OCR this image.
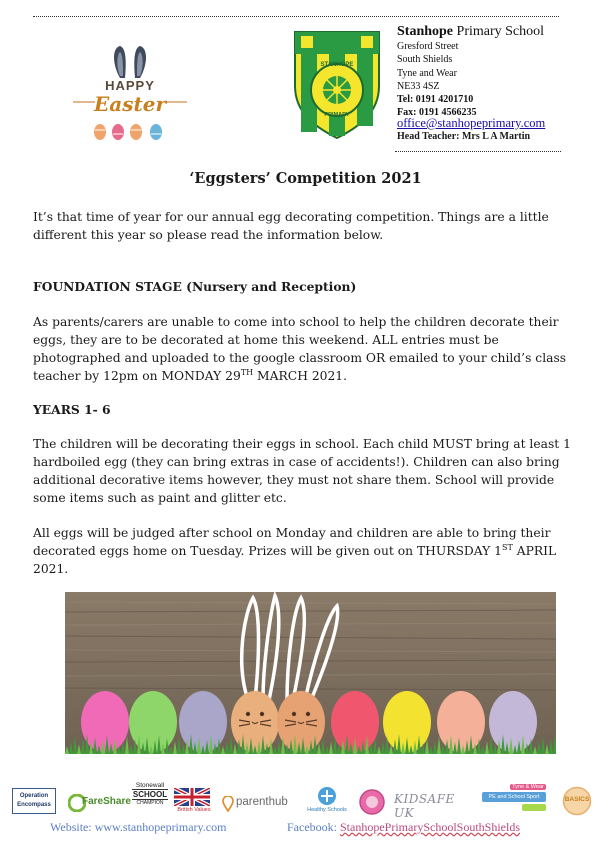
HAPPY
Easter
STANHOPE
PRIMARY
Stanhope Primary School
Gresford Street
South Shields
Tyne and Wear
NE33 4SZ
Tel: 0191 4201710
Fax: 0191 4566235
office@stanhopeprimary.com
Head Teacher: Mrs L A Martin
‘Eggsters’ Competition 2021

It’s that time of year for our annual egg decorating competition. Things are a little different this year so please read the information below.

FOUNDATION STAGE (Nursery and Reception)

As parents/carers are unable to come into school to help the children decorate their eggs, they are to be decorated at home this weekend. ALL entries must be photographed and uploaded to the google classroom OR emailed to your child’s class teacher by 12pm on MONDAY 29TH MARCH 2021.

YEARS 1- 6

The children will be decorating their eggs in school. Each child MUST bring at least 1 hardboiled egg (they can bring extras in case of accidents!). Children can also bring additional decorative items however, they must not share them. School will provide some items such as paint and glitter etc.

All eggs will be judged after school on Monday and children are able to bring their decorated eggs home on Tuesday. Prizes will be given out on THURSDAY 1ST APRIL 2021.

Operation
Encompass	FareShare
Stonewall
SCHOOL
CHAMPION
British Values
parenthub
Healthy Schools
KIDSAFE UK
Tyne & Wear
PE and School Sport	BASICS
Website: www.stanhopeprimary.com	Facebook: StanhopePrimarySchoolSouthShields
